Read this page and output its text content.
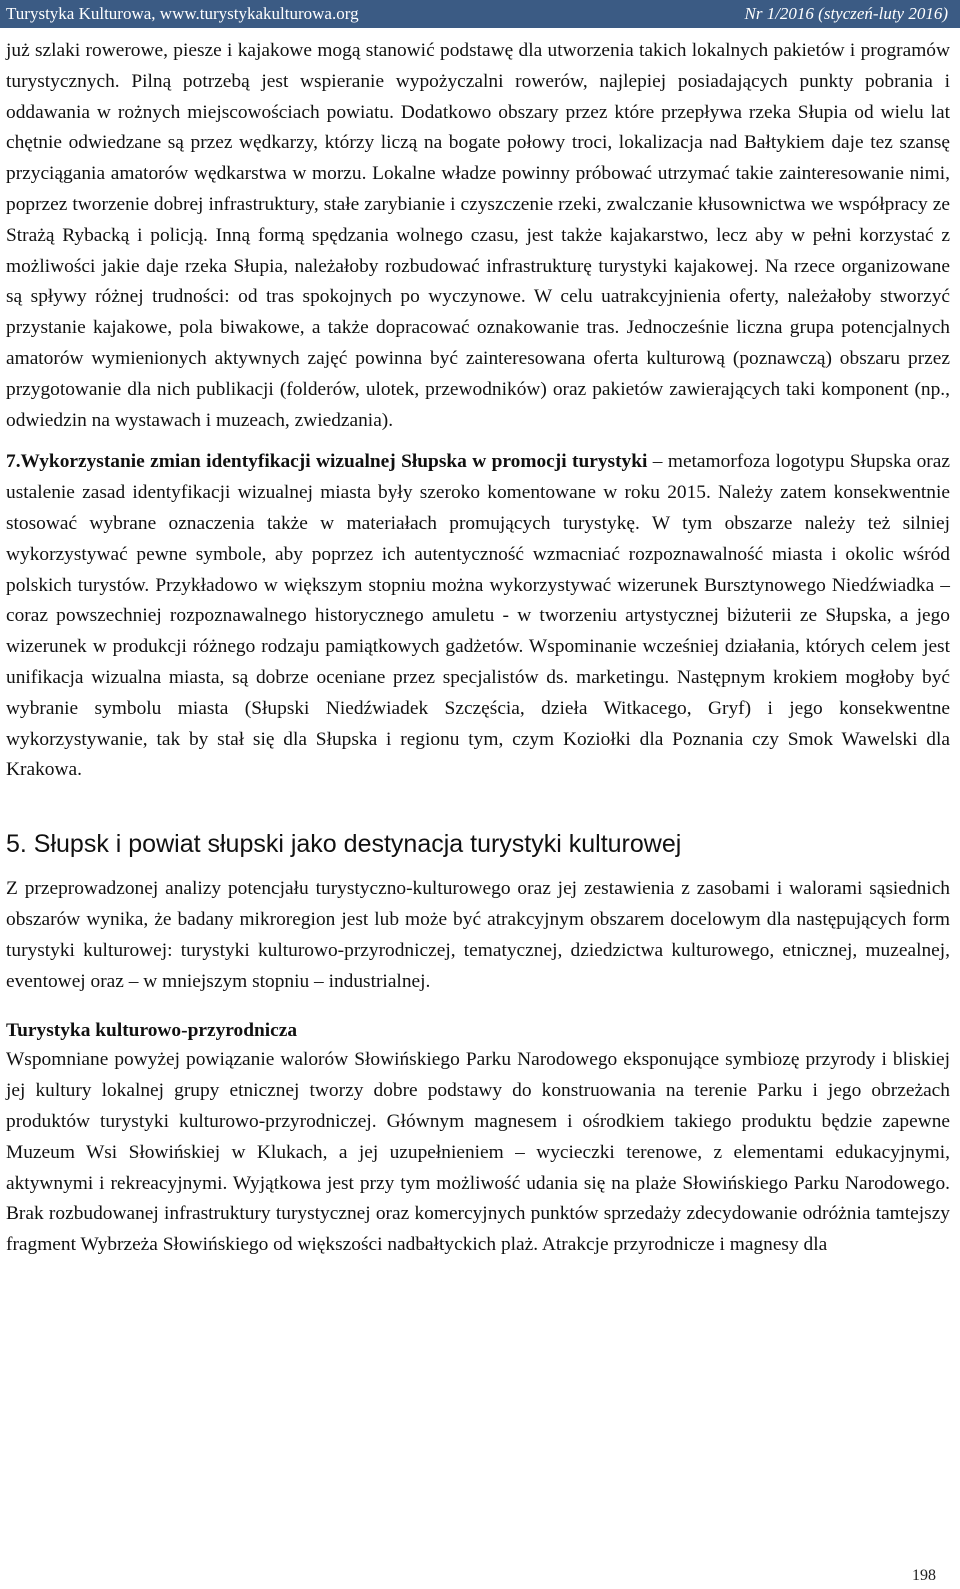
Turystyka Kulturowa, www.turystykakulturowa.org	Nr 1/2016 (styczeń-luty 2016)

już szlaki rowerowe, piesze i kajakowe mogą stanowić podstawę dla utworzenia takich lokalnych pakietów i programów turystycznych. Pilną potrzebą jest wspieranie wypożyczalni rowerów, najlepiej posiadających punkty pobrania i oddawania w rożnych miejscowościach powiatu. Dodatkowo obszary przez które przepływa rzeka Słupia od wielu lat chętnie odwiedzane są przez wędkarzy, którzy liczą na bogate połowy troci, lokalizacja nad Bałtykiem daje tez szansę przyciągania amatorów wędkarstwa w morzu. Lokalne władze powinny próbować utrzymać takie zainteresowanie nimi, poprzez tworzenie dobrej infrastruktury, stałe zarybianie i czyszczenie rzeki, zwalczanie kłusownictwa we współpracy ze Strażą Rybacką i policją. Inną formą spędzania wolnego czasu, jest także kajakarstwo, lecz aby w pełni korzystać z możliwości jakie daje rzeka Słupia, należałoby rozbudować infrastrukturę turystyki kajakowej. Na rzece organizowane są spływy różnej trudności: od tras spokojnych po wyczynowe. W celu uatrakcyjnienia oferty, należałoby stworzyć przystanie kajakowe, pola biwakowe, a także dopracować oznakowanie tras. Jednocześnie liczna grupa potencjalnych amatorów wymienionych aktywnych zajęć powinna być zainteresowana oferta kulturową (poznawczą) obszaru przez przygotowanie dla nich publikacji (folderów, ulotek, przewodników) oraz pakietów zawierających taki komponent (np., odwiedzin na wystawach i muzeach, zwiedzania).

7.Wykorzystanie zmian identyfikacji wizualnej Słupska w promocji turystyki – metamorfoza logotypu Słupska oraz ustalenie zasad identyfikacji wizualnej miasta były szeroko komentowane w roku 2015. Należy zatem konsekwentnie stosować wybrane oznaczenia także w materiałach promujących turystykę. W tym obszarze należy też silniej wykorzystywać pewne symbole, aby poprzez ich autentyczność wzmacniać rozpoznawalność miasta i okolic wśród polskich turystów. Przykładowo w większym stopniu można wykorzystywać wizerunek Bursztynowego Niedźwiadka – coraz powszechniej rozpoznawalnego historycznego amuletu - w tworzeniu artystycznej biżuterii ze Słupska, a jego wizerunek w produkcji różnego rodzaju pamiątkowych gadżetów. Wspominanie wcześniej działania, których celem jest unifikacja wizualna miasta, są dobrze oceniane przez specjalistów ds. marketingu. Następnym krokiem mogłoby być wybranie symbolu miasta (Słupski Niedźwiadek Szczęścia, dzieła Witkacego, Gryf) i jego konsekwentne wykorzystywanie, tak by stał się dla Słupska i regionu tym, czym Koziołki dla Poznania czy Smok Wawelski dla Krakowa.

5. Słupsk i powiat słupski jako destynacja turystyki kulturowej

Z przeprowadzonej analizy potencjału turystyczno-kulturowego oraz jej zestawienia z zasobami i walorami sąsiednich obszarów wynika, że badany mikroregion jest lub może być atrakcyjnym obszarem docelowym dla następujących form turystyki kulturowej: turystyki kulturowo-przyrodniczej, tematycznej, dziedzictwa kulturowego, etnicznej, muzealnej, eventowej oraz – w mniejszym stopniu – industrialnej.

Turystyka kulturowo-przyrodnicza

Wspomniane powyżej powiązanie walorów Słowińskiego Parku Narodowego eksponujące symbiozę przyrody i bliskiej jej kultury lokalnej grupy etnicznej tworzy dobre podstawy do konstruowania na terenie Parku i jego obrzeżach produktów turystyki kulturowo-przyrodniczej. Głównym magnesem i ośrodkiem takiego produktu będzie zapewne Muzeum Wsi Słowińskiej w Klukach, a jej uzupełnieniem – wycieczki terenowe, z elementami edukacyjnymi, aktywnymi i rekreacyjnymi. Wyjątkowa jest przy tym możliwość udania się na plaże Słowińskiego Parku Narodowego. Brak rozbudowanej infrastruktury turystycznej oraz komercyjnych punktów sprzedaży zdecydowanie odróżnia tamtejszy fragment Wybrzeża Słowińskiego od większości nadbałtyckich plaż. Atrakcje przyrodnicze i magnesy dla

198
